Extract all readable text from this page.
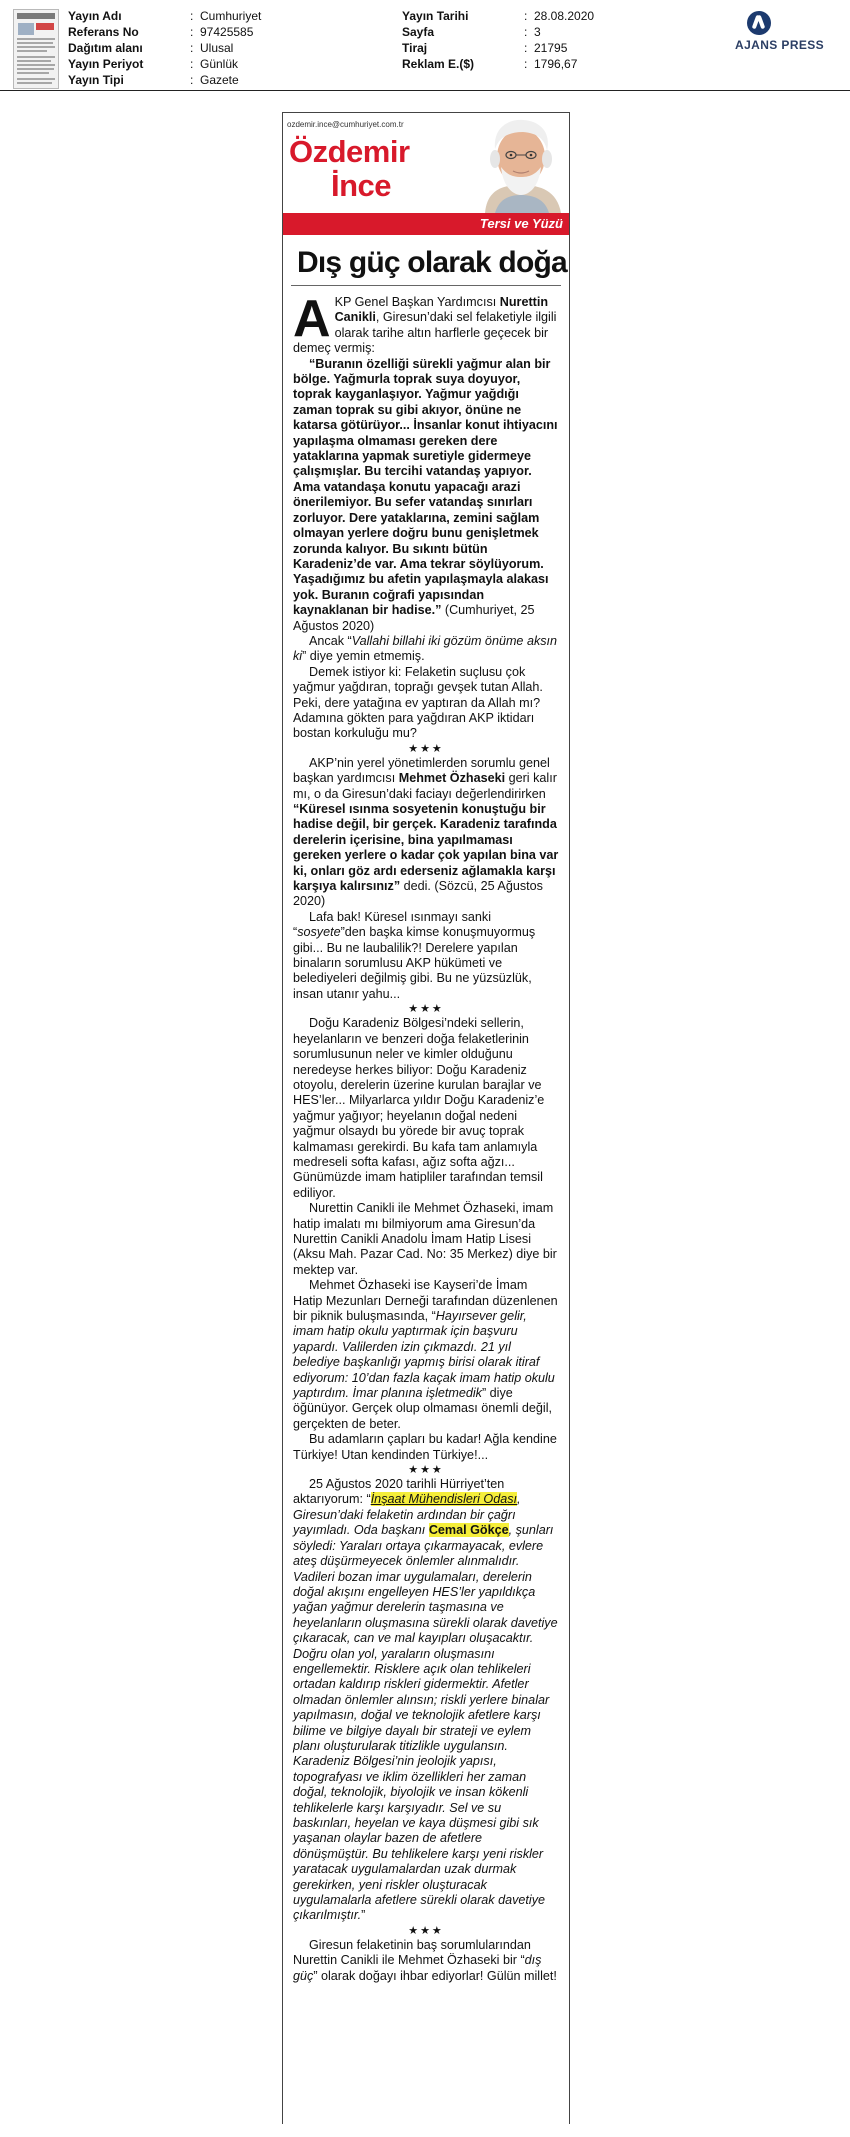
Yayın Adı	: Cumhuriyet
Referans No	: 97425585
Dağıtım alanı	: Ulusal
Yayın Periyot	: Günlük
Yayın Tipi	: Gazete
Yayın Tarihi	: 28.08.2020
Sayfa	: 3
Tiraj	: 21795
Reklam E.($)	: 1796,67
AJANS PRESS
ozdemir.ince@cumhuriyet.com.tr
Özdemir
İnce
Tersi ve Yüzü
Dış güç olarak doğa

AKP Genel Başkan Yardımcısı Nurettin Canikli, Giresun’daki sel felaketiyle ilgili olarak tarihe altın harflerle geçecek bir demeç vermiş:

“Buranın özelliği sürekli yağmur alan bir bölge. Yağmurla toprak suya doyuyor, toprak kayganlaşıyor. Yağmur yağdığı zaman toprak su gibi akıyor, önüne ne katarsa götürüyor... İnsanlar konut ihtiyacını yapılaşma olmaması gereken dere yataklarına yapmak suretiyle gidermeye çalışmışlar. Bu tercihi vatandaş yapıyor. Ama vatandaşa konutu yapacağı arazi önerilemiyor. Bu sefer vatandaş sınırları zorluyor. Dere yataklarına, zemini sağlam olmayan yerlere doğru bunu genişletmek zorunda kalıyor. Bu sıkıntı bütün Karadeniz’de var. Ama tekrar söylüyorum. Yaşadığımız bu afetin yapılaşmayla alakası yok. Buranın coğrafi yapısından kaynaklanan bir hadise.” (Cumhuriyet, 25 Ağustos 2020)

Ancak “Vallahi billahi iki gözüm önüme aksın ki” diye yemin etmemiş.

Demek istiyor ki: Felaketin suçlusu çok yağmur yağdıran, toprağı gevşek tutan Allah. Peki, dere yatağına ev yaptıran da Allah mı? Adamına gökten para yağdıran AKP iktidarı bostan korkuluğu mu?

★★★

AKP’nin yerel yönetimlerden sorumlu genel başkan yardımcısı Mehmet Özhaseki geri kalır mı, o da Giresun’daki faciayı değerlendirirken “Küresel ısınma sosyetenin konuştuğu bir hadise değil, bir gerçek. Karadeniz tarafında derelerin içerisine, bina yapılmaması gereken yerlere o kadar çok yapılan bina var ki, onları göz ardı ederseniz ağlamakla karşı karşıya kalırsınız” dedi. (Sözcü, 25 Ağustos 2020)

Lafa bak! Küresel ısınmayı sanki “sosyete”den başka kimse konuşmuyormuş gibi... Bu ne laubalilik?! Derelere yapılan binaların sorumlusu AKP hükümeti ve belediyeleri değilmiş gibi. Bu ne yüzsüzlük, insan utanır yahu...

★★★

Doğu Karadeniz Bölgesi’ndeki sellerin, heyelanların ve benzeri doğa felaketlerinin sorumlusunun neler ve kimler olduğunu neredeyse herkes biliyor: Doğu Karadeniz otoyolu, derelerin üzerine kurulan barajlar ve HES’ler... Milyarlarca yıldır Doğu Karadeniz’e yağmur yağıyor; heyelanın doğal nedeni yağmur olsaydı bu yörede bir avuç toprak kalmaması gerekirdi. Bu kafa tam anlamıyla medreseli softa kafası, ağız softa ağzı... Günümüzde imam hatipliler tarafından temsil ediliyor.

Nurettin Canikli ile Mehmet Özhaseki, imam hatip imalatı mı bilmiyorum ama Giresun’da Nurettin Canikli Anadolu İmam Hatip Lisesi (Aksu Mah. Pazar Cad. No: 35 Merkez) diye bir mektep var.

Mehmet Özhaseki ise Kayseri’de İmam Hatip Mezunları Derneği tarafından düzenlenen bir piknik buluşmasında, “Hayırsever gelir, imam hatip okulu yaptırmak için başvuru yapardı. Valilerden izin çıkmazdı. 21 yıl belediye başkanlığı yapmış birisi olarak itiraf ediyorum: 10’dan fazla kaçak imam hatip okulu yaptırdım. İmar planına işletmedik” diye öğünüyor. Gerçek olup olmaması önemli değil, gerçekten de beter.

Bu adamların çapları bu kadar! Ağla kendine Türkiye! Utan kendinden Türkiye!...

★★★

25 Ağustos 2020 tarihli Hürriyet’ten aktarıyorum: “İnşaat Mühendisleri Odası, Giresun’daki felaketin ardından bir çağrı yayımladı. Oda başkanı Cemal Gökçe, şunları söyledi: Yaraları ortaya çıkarmayacak, evlere ateş düşürmeyecek önlemler alınmalıdır. Vadileri bozan imar uygulamaları, derelerin doğal akışını engelleyen HES’ler yapıldıkça yağan yağmur derelerin taşmasına ve heyelanların oluşmasına sürekli olarak davetiye çıkaracak, can ve mal kayıpları oluşacaktır. Doğru olan yol, yaraların oluşmasını engellemektir. Risklere açık olan tehlikeleri ortadan kaldırıp riskleri gidermektir. Afetler olmadan önlemler alınsın; riskli yerlere binalar yapılmasın, doğal ve teknolojik afetlere karşı bilime ve bilgiye dayalı bir strateji ve eylem planı oluşturularak titizlikle uygulansın. Karadeniz Bölgesi’nin jeolojik yapısı, topografyası ve iklim özellikleri her zaman doğal, teknolojik, biyolojik ve insan kökenli tehlikelerle karşı karşıyadır. Sel ve su baskınları, heyelan ve kaya düşmesi gibi sık yaşanan olaylar bazen de afetlere dönüşmüştür. Bu tehlikelere karşı yeni riskler yaratacak uygulamalardan uzak durmak gerekirken, yeni riskler oluşturacak uygulamalarla afetlere sürekli olarak davetiye çıkarılmıştır.”

★★★

Giresun felaketinin baş sorumlularından Nurettin Canikli ile Mehmet Özhaseki bir “dış güç” olarak doğayı ihbar ediyorlar! Gülün millet!
